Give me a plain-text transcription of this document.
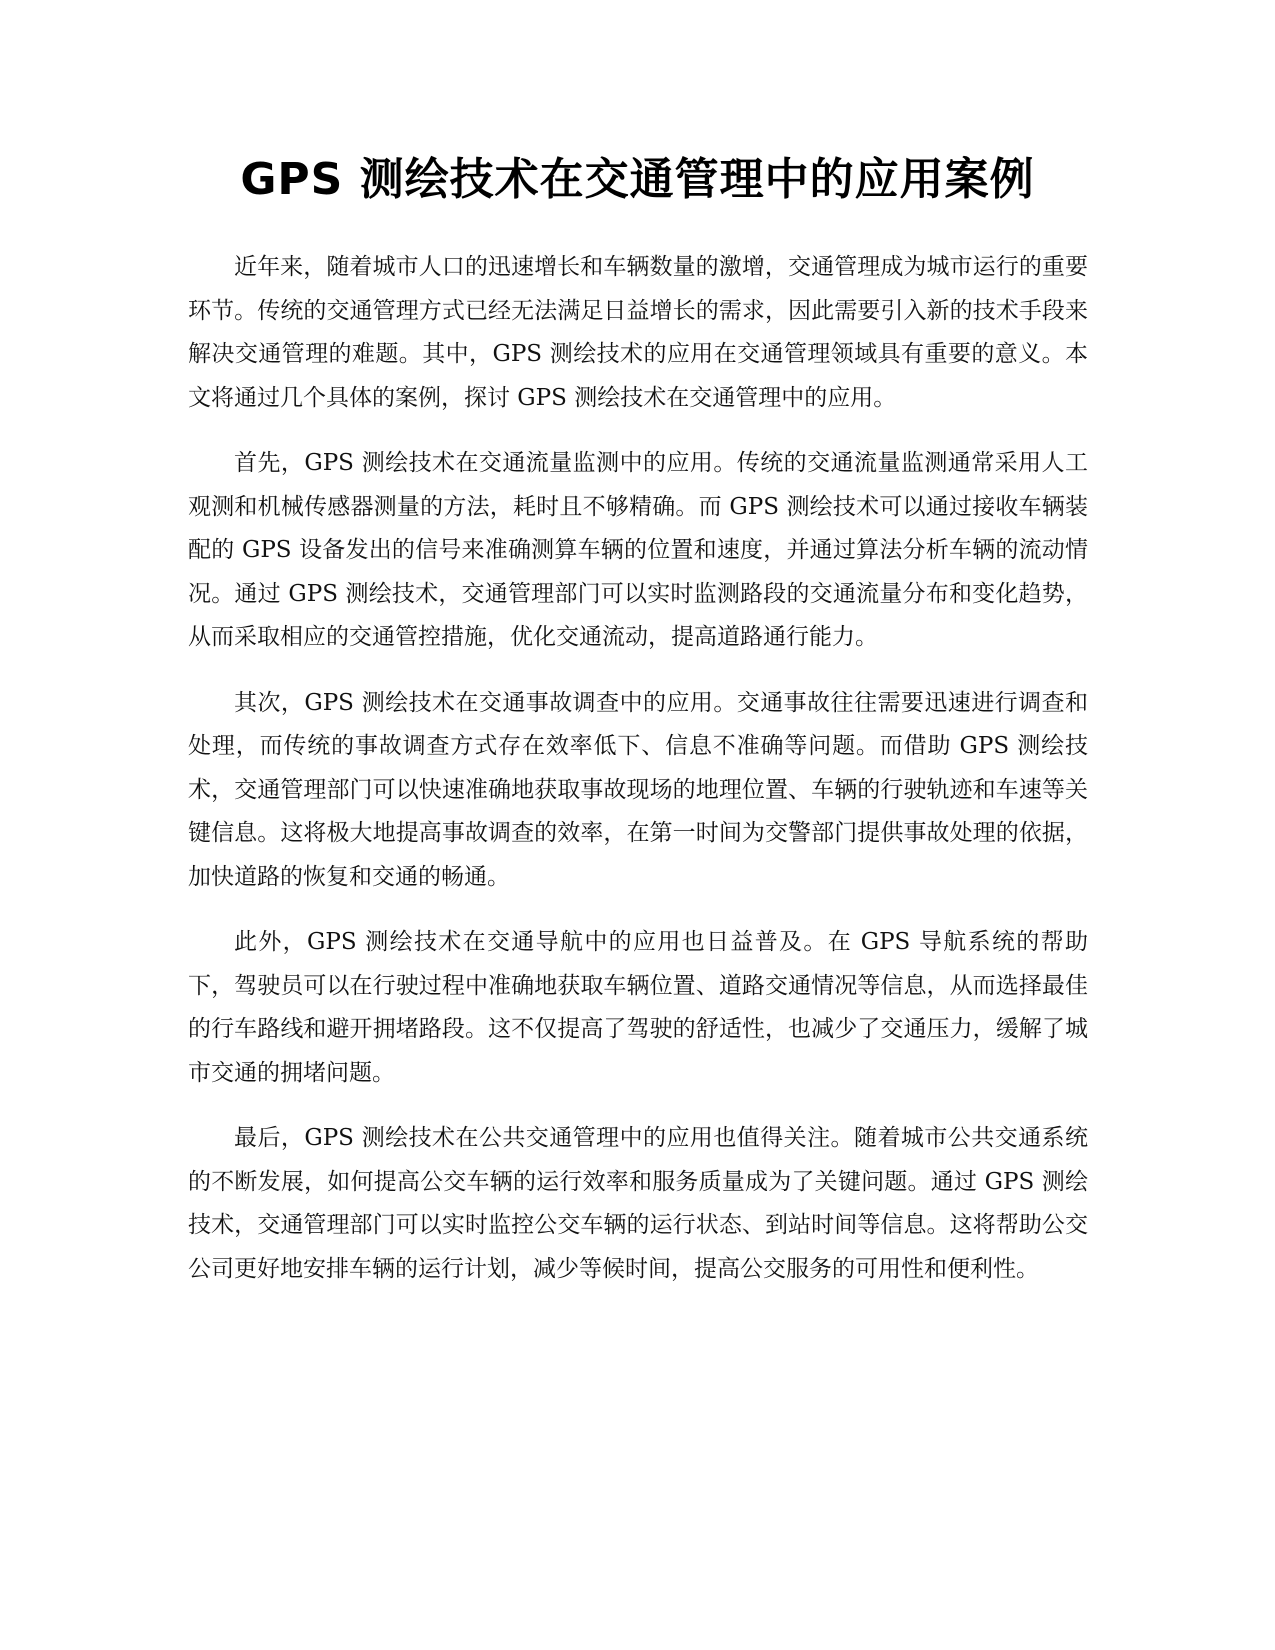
GPS 测绘技术在交通管理中的应用案例

近年来，随着城市人口的迅速增长和车辆数量的激增，交通管理成为城市运行的重要环节。传统的交通管理方式已经无法满足日益增长的需求，因此需要引入新的技术手段来解决交通管理的难题。其中，GPS 测绘技术的应用在交通管理领域具有重要的意义。本文将通过几个具体的案例，探讨 GPS 测绘技术在交通管理中的应用。

首先，GPS 测绘技术在交通流量监测中的应用。传统的交通流量监测通常采用人工观测和机械传感器测量的方法，耗时且不够精确。而 GPS 测绘技术可以通过接收车辆装配的 GPS 设备发出的信号来准确测算车辆的位置和速度，并通过算法分析车辆的流动情况。通过 GPS 测绘技术，交通管理部门可以实时监测路段的交通流量分布和变化趋势，从而采取相应的交通管控措施，优化交通流动，提高道路通行能力。

其次，GPS 测绘技术在交通事故调查中的应用。交通事故往往需要迅速进行调查和处理，而传统的事故调查方式存在效率低下、信息不准确等问题。而借助 GPS 测绘技术，交通管理部门可以快速准确地获取事故现场的地理位置、车辆的行驶轨迹和车速等关键信息。这将极大地提高事故调查的效率，在第一时间为交警部门提供事故处理的依据，加快道路的恢复和交通的畅通。

此外，GPS 测绘技术在交通导航中的应用也日益普及。在 GPS 导航系统的帮助下，驾驶员可以在行驶过程中准确地获取车辆位置、道路交通情况等信息，从而选择最佳的行车路线和避开拥堵路段。这不仅提高了驾驶的舒适性，也减少了交通压力，缓解了城市交通的拥堵问题。

最后，GPS 测绘技术在公共交通管理中的应用也值得关注。随着城市公共交通系统的不断发展，如何提高公交车辆的运行效率和服务质量成为了关键问题。通过 GPS 测绘技术，交通管理部门可以实时监控公交车辆的运行状态、到站时间等信息。这将帮助公交公司更好地安排车辆的运行计划，减少等候时间，提高公交服务的可用性和便利性。
